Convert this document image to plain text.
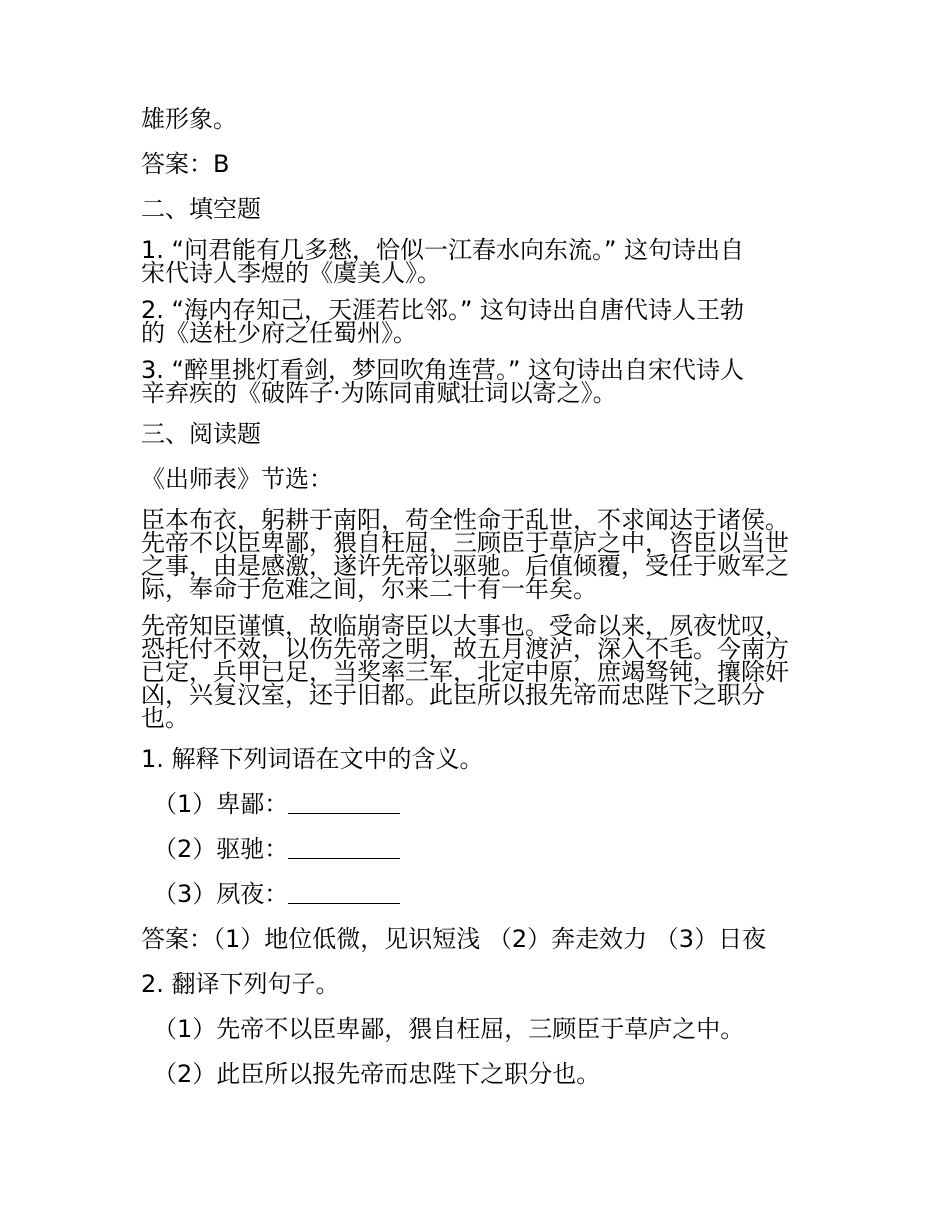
雄形象。
答案：B
二、填空题
1. “问君能有几多愁，恰似一江春水向东流。” 这句诗出自
宋代诗人李煜的《虞美人》。
2. “海内存知己，天涯若比邻。” 这句诗出自唐代诗人王勃
的《送杜少府之任蜀州》。
3. “醉里挑灯看剑，梦回吹角连营。” 这句诗出自宋代诗人
辛弃疾的《破阵子·为陈同甫赋壮词以寄之》。
三、阅读题
《出师表》节选：
臣本布衣，躬耕于南阳，苟全性命于乱世，不求闻达于诸侯。
先帝不以臣卑鄙，猥自枉屈，三顾臣于草庐之中，咨臣以当世
之事，由是感激，遂许先帝以驱驰。后值倾覆，受任于败军之
际，奉命于危难之间，尔来二十有一年矣。
先帝知臣谨慎，故临崩寄臣以大事也。受命以来，夙夜忧叹，
恐托付不效，以伤先帝之明，故五月渡泸，深入不毛。今南方
已定，兵甲已足，当奖率三军，北定中原，庶竭驽钝，攘除奸
凶，兴复汉室，还于旧都。此臣所以报先帝而忠陛下之职分
也。
1. 解释下列词语在文中的含义。
（1）卑鄙：
（2）驱驰：
（3）夙夜：
答案：（1）地位低微，见识短浅 （2）奔走效力 （3）日夜
2. 翻译下列句子。
（1）先帝不以臣卑鄙，猥自枉屈，三顾臣于草庐之中。
（2）此臣所以报先帝而忠陛下之职分也。
